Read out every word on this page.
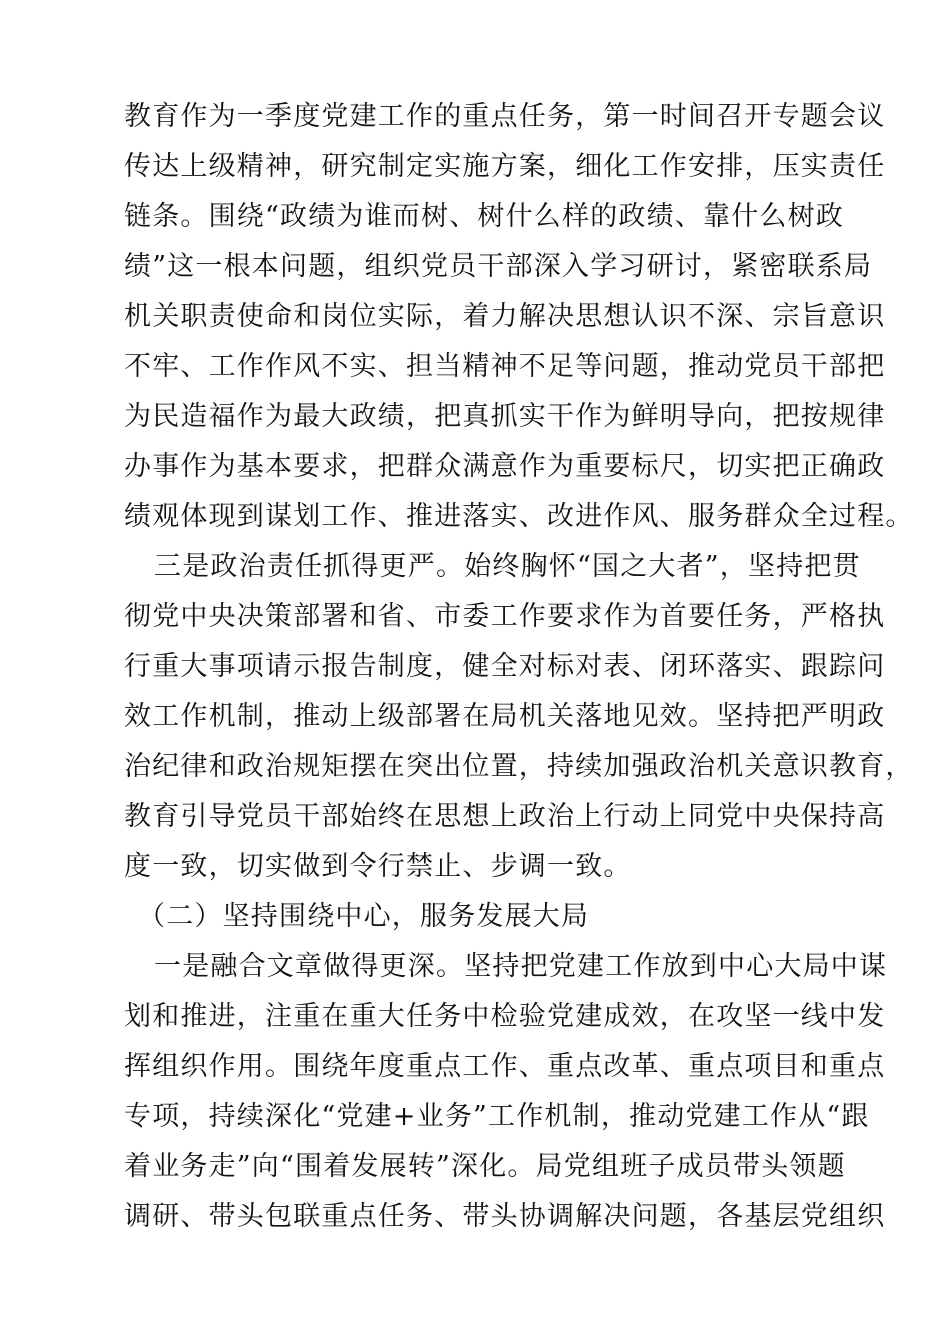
教育作为一季度党建工作的重点任务，第一时间召开专题会议
传达上级精神，研究制定实施方案，细化工作安排，压实责任
链条。围绕“政绩为谁而树、树什么样的政绩、靠什么树政
绩”这一根本问题，组织党员干部深入学习研讨，紧密联系局
机关职责使命和岗位实际，着力解决思想认识不深、宗旨意识
不牢、工作作风不实、担当精神不足等问题，推动党员干部把
为民造福作为最大政绩，把真抓实干作为鲜明导向，把按规律
办事作为基本要求，把群众满意作为重要标尺，切实把正确政
绩观体现到谋划工作、推进落实、改进作风、服务群众全过程。
三是政治责任抓得更严。始终胸怀“国之大者”，坚持把贯
彻党中央决策部署和省、市委工作要求作为首要任务，严格执
行重大事项请示报告制度，健全对标对表、闭环落实、跟踪问
效工作机制，推动上级部署在局机关落地见效。坚持把严明政
治纪律和政治规矩摆在突出位置，持续加强政治机关意识教育，
教育引导党员干部始终在思想上政治上行动上同党中央保持高
度一致，切实做到令行禁止、步调一致。
（二）坚持围绕中心，服务发展大局
一是融合文章做得更深。坚持把党建工作放到中心大局中谋
划和推进，注重在重大任务中检验党建成效，在攻坚一线中发
挥组织作用。围绕年度重点工作、重点改革、重点项目和重点
专项，持续深化“党建+业务”工作机制，推动党建工作从“跟
着业务走”向“围着发展转”深化。局党组班子成员带头领题
调研、带头包联重点任务、带头协调解决问题，各基层党组织
